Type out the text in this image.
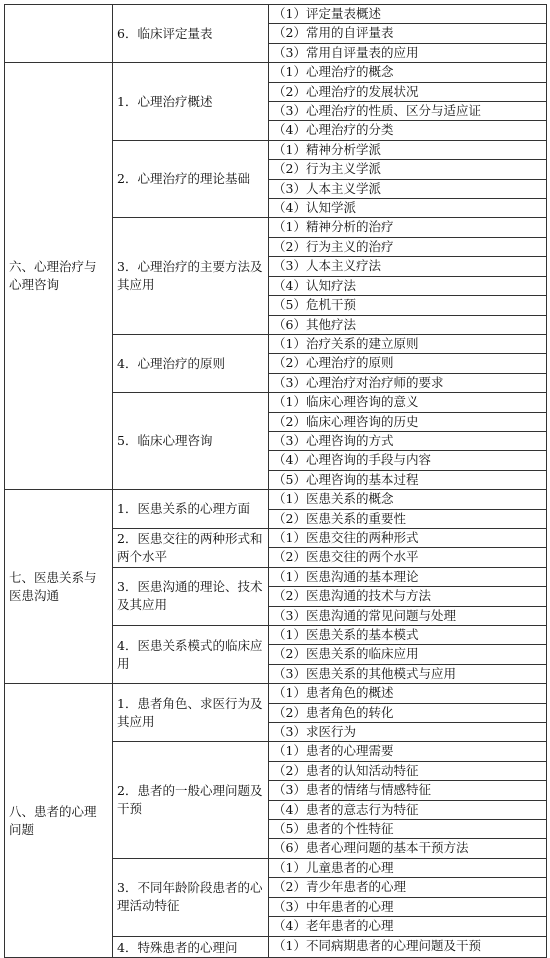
	6．临床评定量表	（1）评定量表概述
		（2）常用的自评量表
		（3）常用自评量表的应用
六、心理治疗与心理咨询	1．心理治疗概述	（1）心理治疗的概念
		（2）心理治疗的发展状况
		（3）心理治疗的性质、区分与适应证
		（4）心理治疗的分类
	2．心理治疗的理论基础	（1）精神分析学派
		（2）行为主义学派
		（3）人本主义学派
		（4）认知学派
	3．心理治疗的主要方法及其应用	（1）精神分析的治疗
		（2）行为主义的治疗
		（3）人本主义疗法
		（4）认知疗法
		（5）危机干预
		（6）其他疗法
	4．心理治疗的原则	（1）治疗关系的建立原则
		（2）心理治疗的原则
		（3）心理治疗对治疗师的要求
	5．临床心理咨询	（1）临床心理咨询的意义
		（2）临床心理咨询的历史
		（3）心理咨询的方式
		（4）心理咨询的手段与内容
		（5）心理咨询的基本过程
七、医患关系与医患沟通	1．医患关系的心理方面	（1）医患关系的概念
		（2）医患关系的重要性
	2．医患交往的两种形式和两个水平	（1）医患交往的两种形式
		（2）医患交往的两个水平
	3．医患沟通的理论、技术及其应用	（1）医患沟通的基本理论
		（2）医患沟通的技术与方法
		（3）医患沟通的常见问题与处理
	4．医患关系模式的临床应用	（1）医患关系的基本模式
		（2）医患关系的临床应用
		（3）医患关系的其他模式与应用
八、患者的心理问题	1．患者角色、求医行为及其应用	（1）患者角色的概述
		（2）患者角色的转化
		（3）求医行为
	2．患者的一般心理问题及干预	（1）患者的心理需要
		（2）患者的认知活动特征
		（3）患者的情绪与情感特征
		（4）患者的意志行为特征
		（5）患者的个性特征
		（6）患者心理问题的基本干预方法
	3．不同年龄阶段患者的心理活动特征	（1）儿童患者的心理
		（2）青少年患者的心理
		（3）中年患者的心理
		（4）老年患者的心理
	4．特殊患者的心理问	（1）不同病期患者的心理问题及干预
